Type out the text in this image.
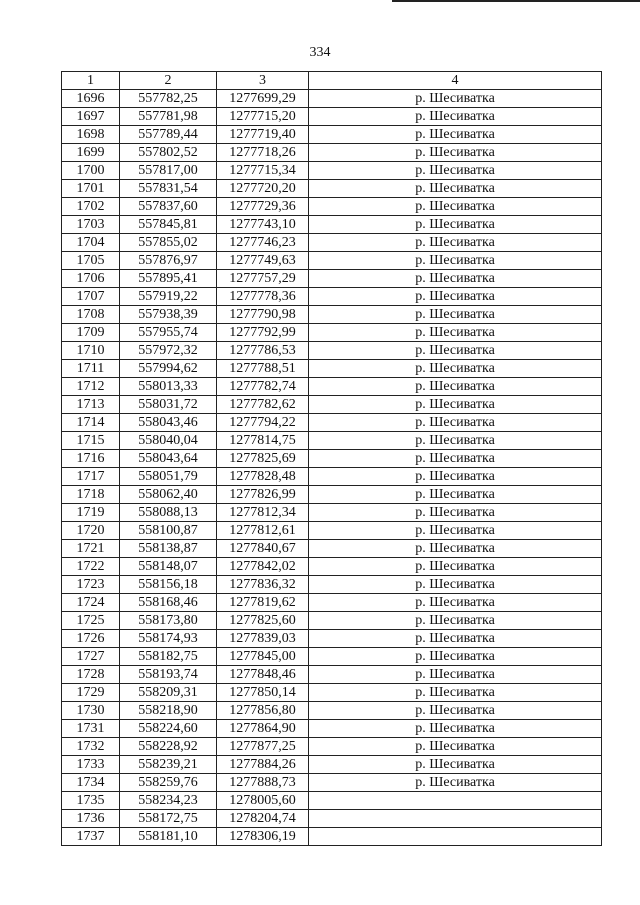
334
1	2	3	4
1696	557782,25	1277699,29	р. Шесиватка
1697	557781,98	1277715,20	р. Шесиватка
1698	557789,44	1277719,40	р. Шесиватка
1699	557802,52	1277718,26	р. Шесиватка
1700	557817,00	1277715,34	р. Шесиватка
1701	557831,54	1277720,20	р. Шесиватка
1702	557837,60	1277729,36	р. Шесиватка
1703	557845,81	1277743,10	р. Шесиватка
1704	557855,02	1277746,23	р. Шесиватка
1705	557876,97	1277749,63	р. Шесиватка
1706	557895,41	1277757,29	р. Шесиватка
1707	557919,22	1277778,36	р. Шесиватка
1708	557938,39	1277790,98	р. Шесиватка
1709	557955,74	1277792,99	р. Шесиватка
1710	557972,32	1277786,53	р. Шесиватка
1711	557994,62	1277788,51	р. Шесиватка
1712	558013,33	1277782,74	р. Шесиватка
1713	558031,72	1277782,62	р. Шесиватка
1714	558043,46	1277794,22	р. Шесиватка
1715	558040,04	1277814,75	р. Шесиватка
1716	558043,64	1277825,69	р. Шесиватка
1717	558051,79	1277828,48	р. Шесиватка
1718	558062,40	1277826,99	р. Шесиватка
1719	558088,13	1277812,34	р. Шесиватка
1720	558100,87	1277812,61	р. Шесиватка
1721	558138,87	1277840,67	р. Шесиватка
1722	558148,07	1277842,02	р. Шесиватка
1723	558156,18	1277836,32	р. Шесиватка
1724	558168,46	1277819,62	р. Шесиватка
1725	558173,80	1277825,60	р. Шесиватка
1726	558174,93	1277839,03	р. Шесиватка
1727	558182,75	1277845,00	р. Шесиватка
1728	558193,74	1277848,46	р. Шесиватка
1729	558209,31	1277850,14	р. Шесиватка
1730	558218,90	1277856,80	р. Шесиватка
1731	558224,60	1277864,90	р. Шесиватка
1732	558228,92	1277877,25	р. Шесиватка
1733	558239,21	1277884,26	р. Шесиватка
1734	558259,76	1277888,73	р. Шесиватка
1735	558234,23	1278005,60	
1736	558172,75	1278204,74	
1737	558181,10	1278306,19	
